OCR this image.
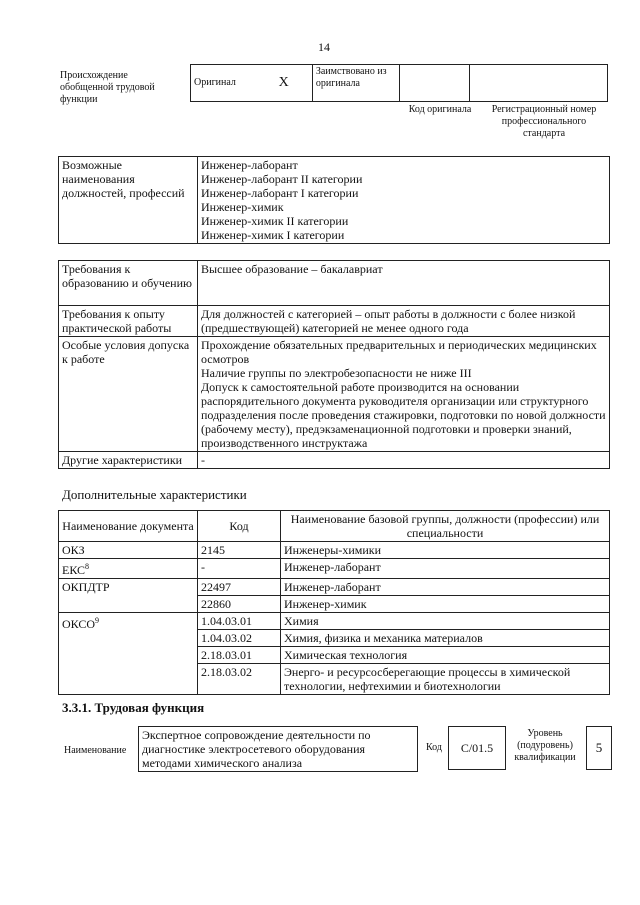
14
Происхождение обобщенной трудовой функции
Оригинал	X	Заимствовано из оригинала		
Код оригинала	Регистрационный номер профессионального стандарта
Возможные наименования должностей, профессий	
Инженер-лаборант
Инженер-лаборант II категории
Инженер-лаборант I категории
Инженер-химик
Инженер-химик II категории
Инженер-химик I категории
Требования к образованию и обучению	Высшее образование – бакалавриат
Требования к опыту практической работы	Для должностей с категорией – опыт работы в должности с более низкой (предшествующей) категорией не менее одного года
Особые условия допуска к работе	Прохождение обязательных предварительных и периодических медицинских осмотров
Наличие группы по электробезопасности не ниже III
Допуск к самостоятельной работе производится на основании распорядительного документа руководителя организации или структурного подразделения после проведения стажировки, подготовки по новой должности (рабочему месту), предэкзаменационной подготовки и проверки знаний, производственного инструктажа

Другие характеристики	-
Дополнительные характеристики
Наименование документа	Код	Наименование базовой группы, должности (профессии) или специальности
ОКЗ	2145	Инженеры-химики
ЕКС$^8$	-	Инженер-лаборант
ОКПДТР	22497	Инженер-лаборант
	22860	Инженер-химик
ОКСО$^9$	1.04.03.01	Химия
	1.04.03.02	Химия, физика и механика материалов
	2.18.03.01	Химическая технология
	2.18.03.02	Энерго- и ресурсосберегающие процессы в химической технологии, нефтехимии и биотехнологии
3.3.1. Трудовая функция
Наименование
Экспертное сопровождение деятельности по диагностике электросетевого оборудования методами химического анализа
Код C/01.5
Уровень (подуровень) квалификации
5
